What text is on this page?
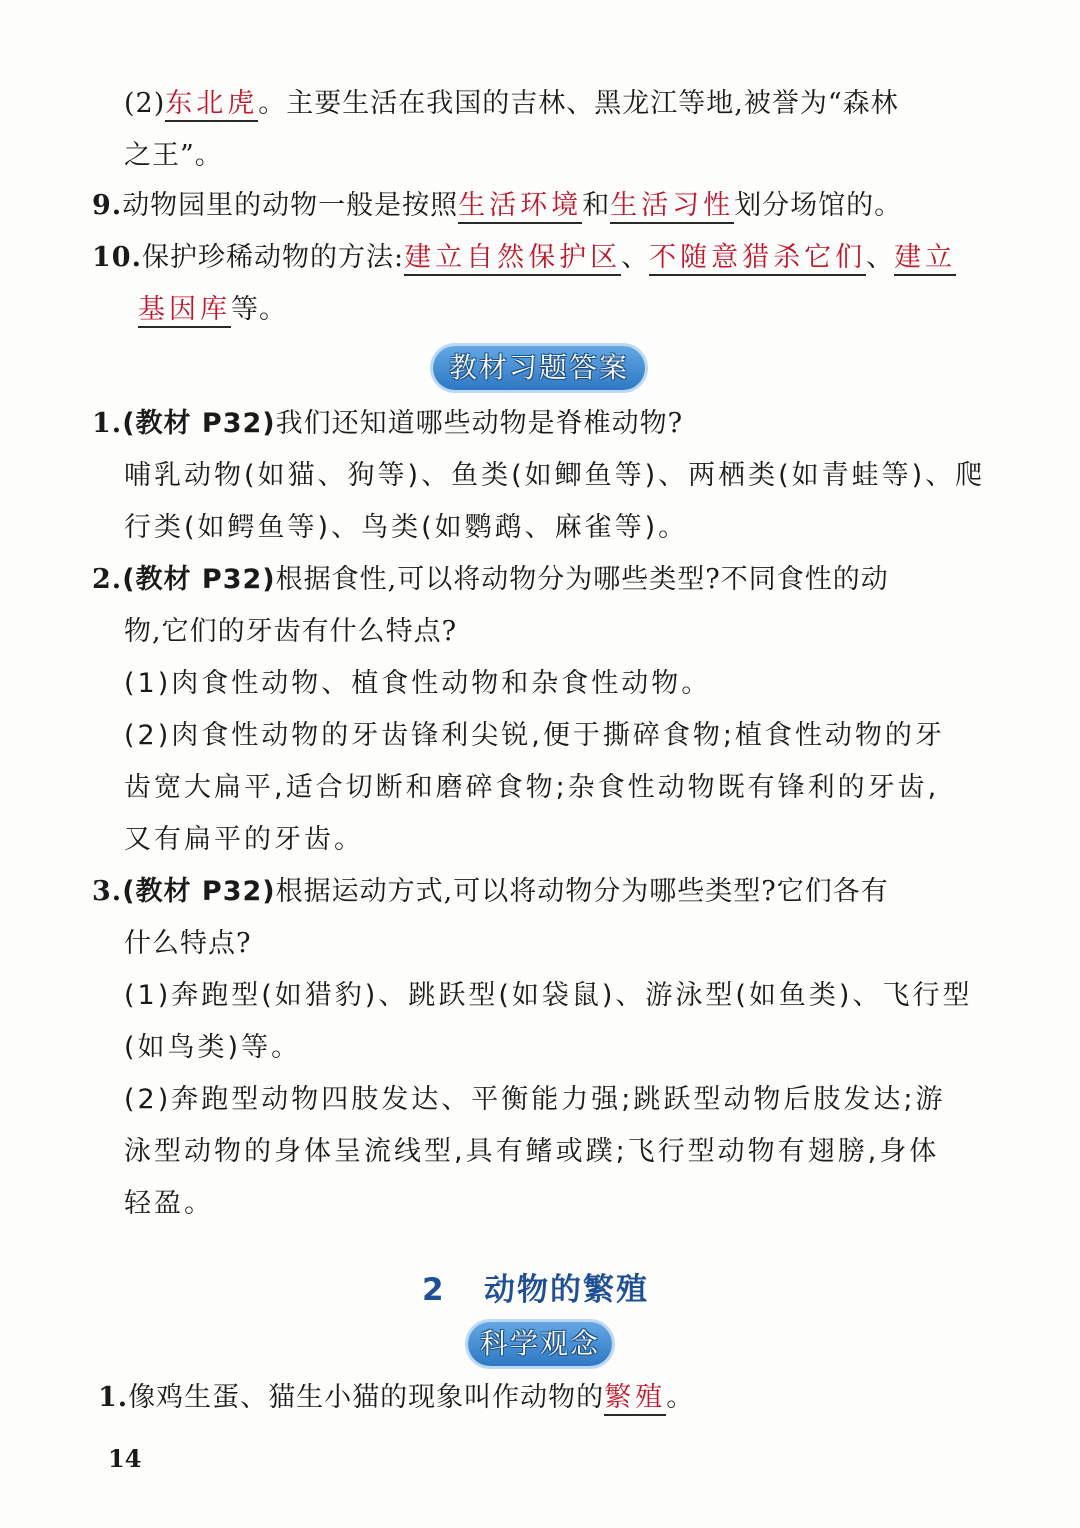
(2)东北虎。主要生活在我国的吉林、黑龙江等地,被誉为“森林
之王”。
9.动物园里的动物一般是按照生活环境和生活习性划分场馆的。
10.保护珍稀动物的方法:建立自然保护区、不随意猎杀它们、建立
基因库等。
教材习题答案
1.(教材 P32)我们还知道哪些动物是脊椎动物?
哺乳动物(如猫、狗等)、鱼类(如鲫鱼等)、两栖类(如青蛙等)、爬
行类(如鳄鱼等)、鸟类(如鹦鹉、麻雀等)。
2.(教材 P32)根据食性,可以将动物分为哪些类型?不同食性的动
物,它们的牙齿有什么特点?
(1)肉食性动物、植食性动物和杂食性动物。
(2)肉食性动物的牙齿锋利尖锐,便于撕碎食物;植食性动物的牙
齿宽大扁平,适合切断和磨碎食物;杂食性动物既有锋利的牙齿,
又有扁平的牙齿。
3.(教材 P32)根据运动方式,可以将动物分为哪些类型?它们各有
什么特点?
(1)奔跑型(如猎豹)、跳跃型(如袋鼠)、游泳型(如鱼类)、飞行型
(如鸟类)等。
(2)奔跑型动物四肢发达、平衡能力强;跳跃型动物后肢发达;游
泳型动物的身体呈流线型,具有鳍或蹼;飞行型动物有翅膀,身体
轻盈。
2 动物的繁殖
科学观念
1.像鸡生蛋、猫生小猫的现象叫作动物的繁殖。
14
